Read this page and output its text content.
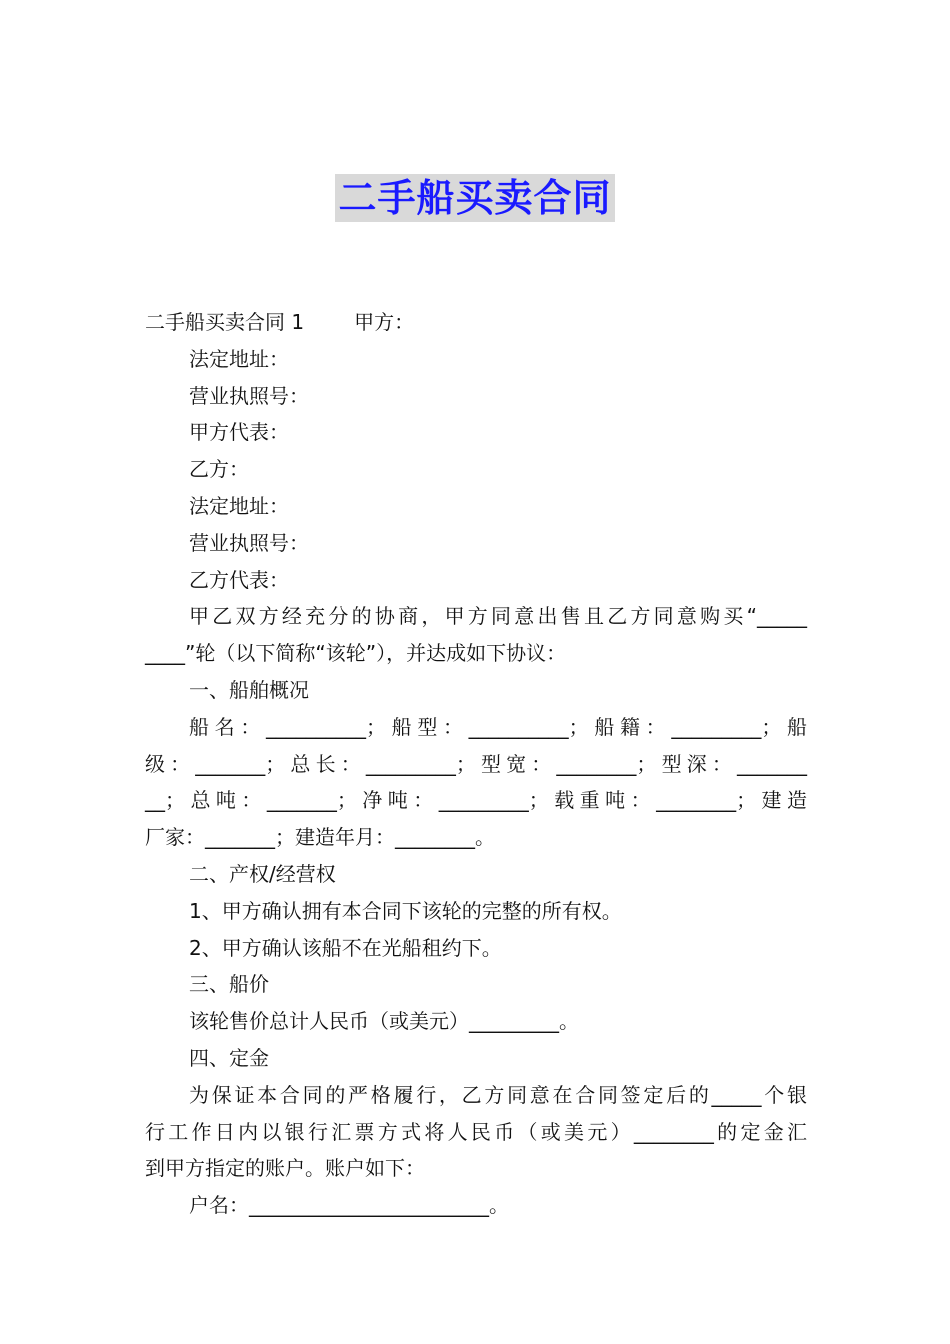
二手船买卖合同
二手船买卖合同 1	甲方：
法定地址：
营业执照号：
甲方代表：
乙方：
法定地址：
营业执照号：
乙方代表：
甲乙双方经充分的协商，甲方同意出售且乙方同意购买“_____
____”轮（以下简称“该轮”），并达成如下协议：
一、船舶概况
船名：__________；船型：__________；船籍：_________；船
级：_______；总长：_________；型宽：________；型深：_______
__；总吨：_______；净吨：_________；载重吨：________；建造
厂家：_______；建造年月：________。
二、产权/经营权
1、甲方确认拥有本合同下该轮的完整的所有权。
2、甲方确认该船不在光船租约下。
三、船价
该轮售价总计人民币（或美元）_________。
四、定金
为保证本合同的严格履行，乙方同意在合同签定后的_____个银
行工作日内以银行汇票方式将人民币（或美元）________的定金汇
到甲方指定的账户。账户如下：
户名：________________________。
